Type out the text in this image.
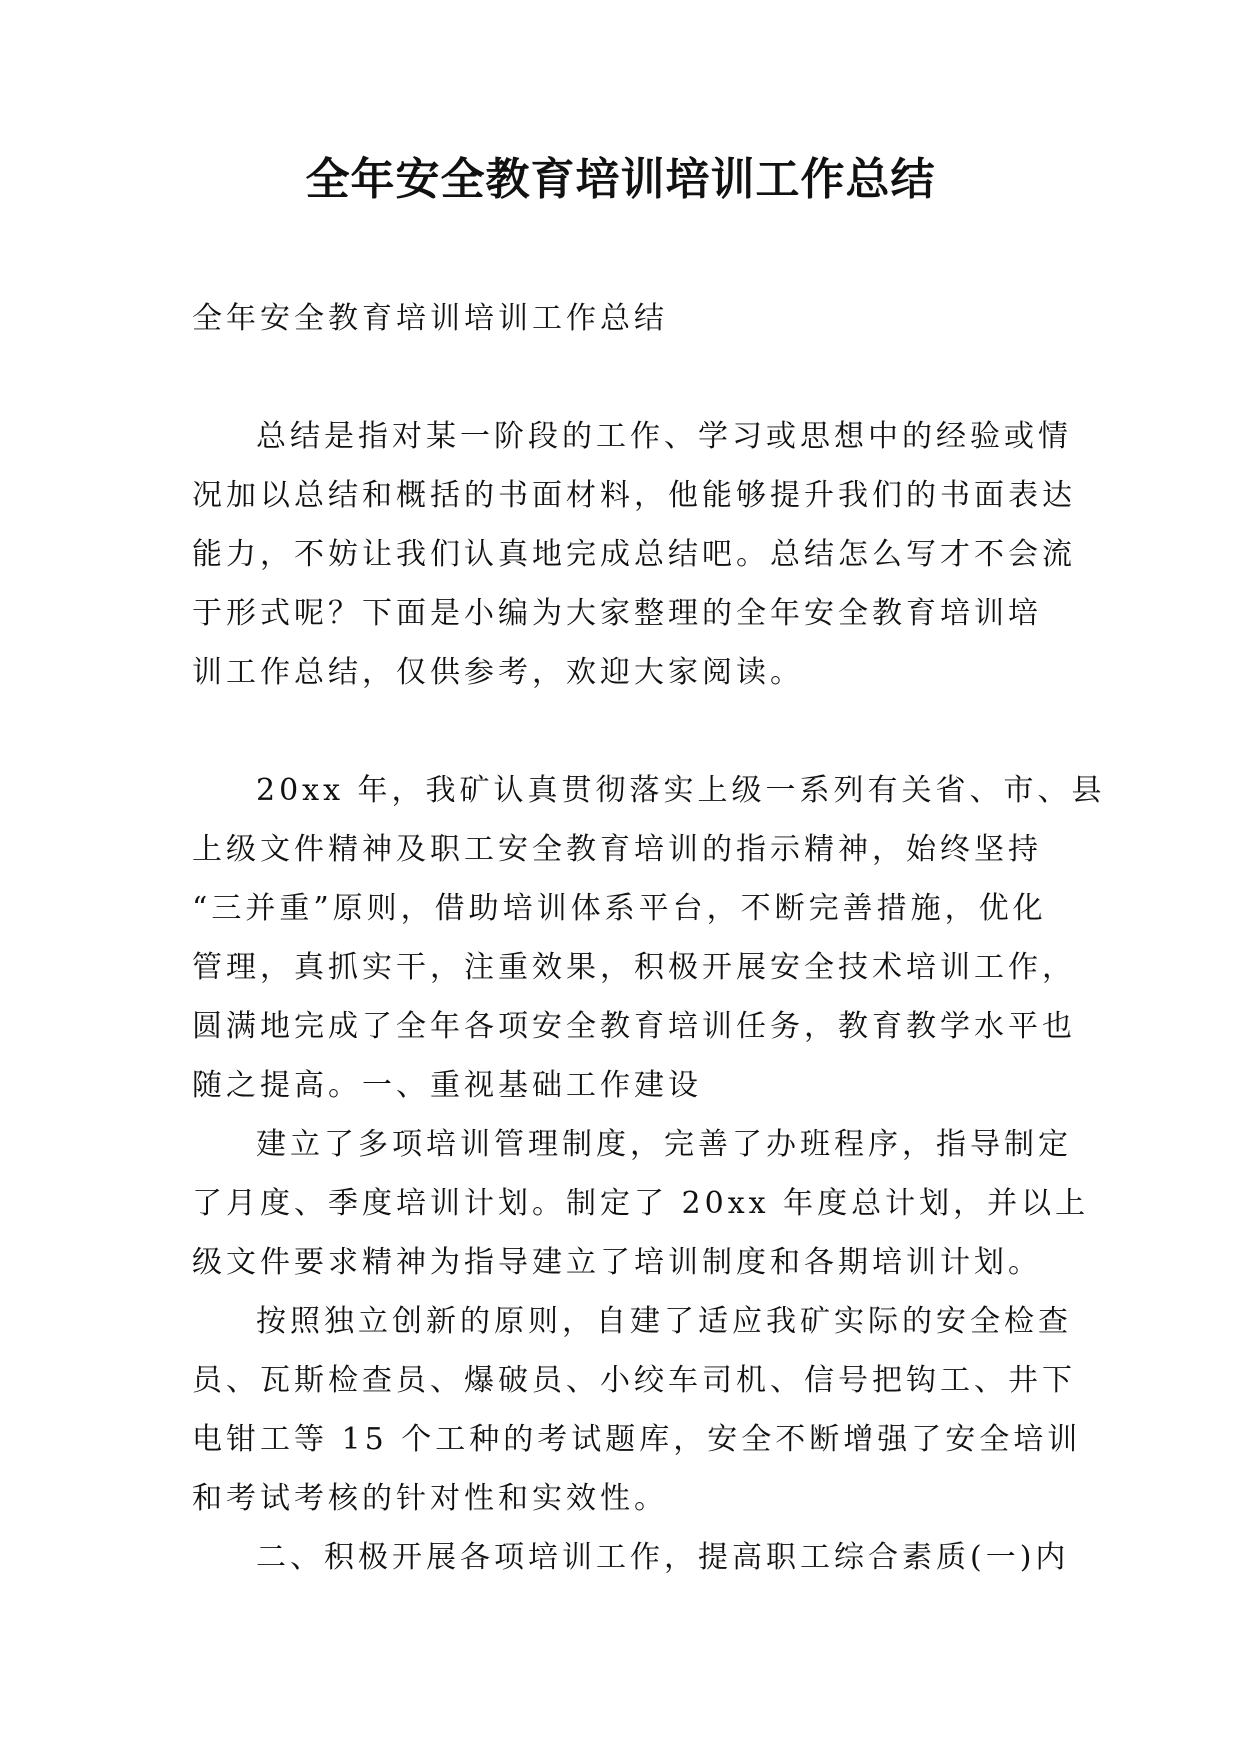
全年安全教育培训培训工作总结
全年安全教育培训培训工作总结
总结是指对某一阶段的工作、学习或思想中的经验或情
况加以总结和概括的书面材料，他能够提升我们的书面表达
能力，不妨让我们认真地完成总结吧。总结怎么写才不会流
于形式呢？下面是小编为大家整理的全年安全教育培训培
训工作总结，仅供参考，欢迎大家阅读。
20xx 年，我矿认真贯彻落实上级一系列有关省、市、县
上级文件精神及职工安全教育培训的指示精神，始终坚持
“三并重”原则，借助培训体系平台，不断完善措施，优化
管理，真抓实干，注重效果，积极开展安全技术培训工作，
圆满地完成了全年各项安全教育培训任务，教育教学水平也
随之提高。一、重视基础工作建设
建立了多项培训管理制度，完善了办班程序，指导制定
了月度、季度培训计划。制定了 20xx 年度总计划，并以上
级文件要求精神为指导建立了培训制度和各期培训计划。
按照独立创新的原则，自建了适应我矿实际的安全检查
员、瓦斯检查员、爆破员、小绞车司机、信号把钩工、井下
电钳工等 15 个工种的考试题库，安全不断增强了安全培训
和考试考核的针对性和实效性。
二、积极开展各项培训工作，提高职工综合素质(一)内
